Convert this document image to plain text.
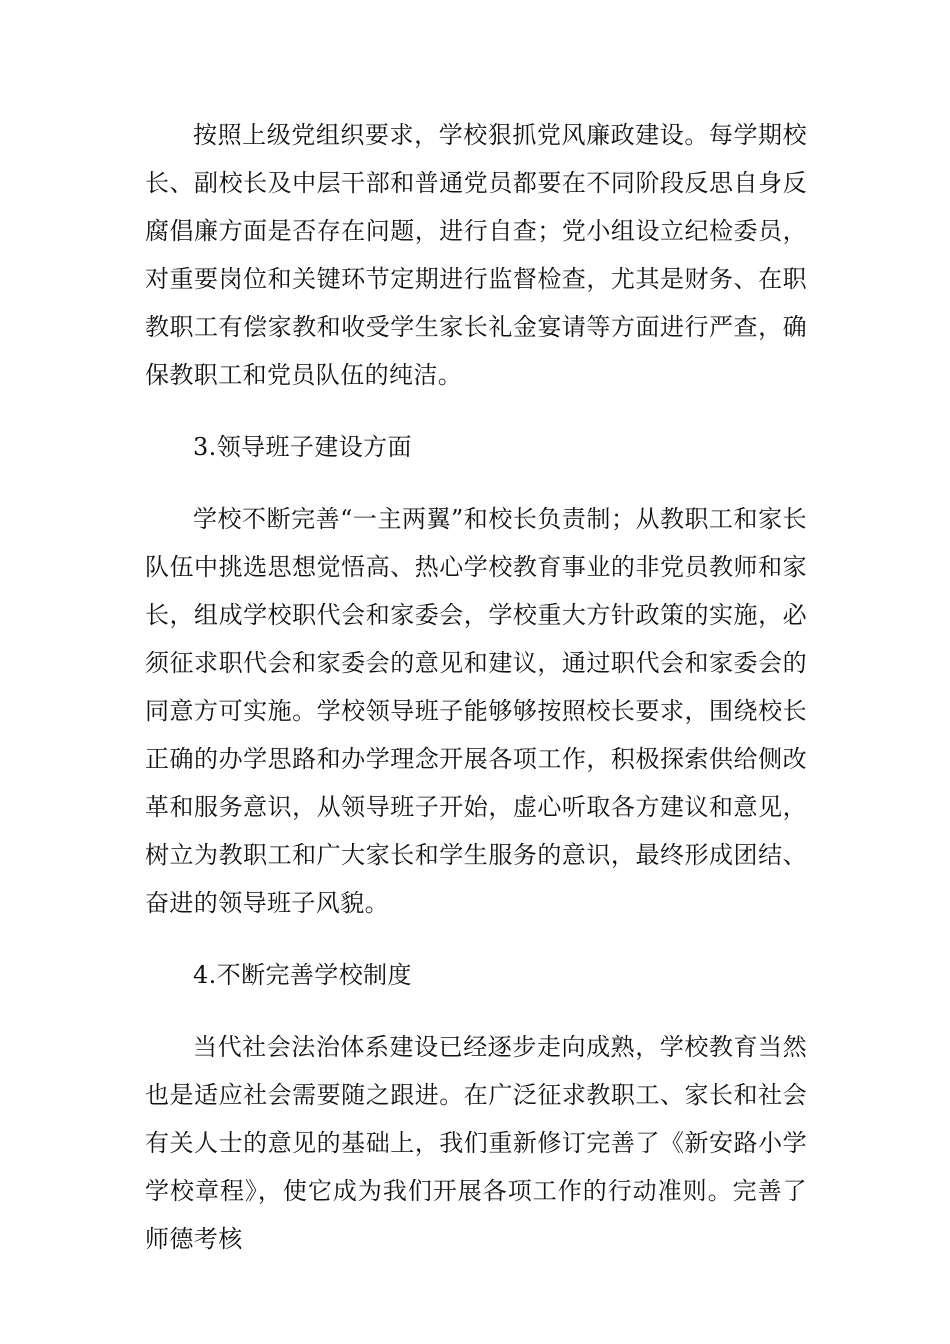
按照上级党组织要求，学校狠抓党风廉政建设。每学期校长、副校长及中层干部和普通党员都要在不同阶段反思自身反腐倡廉方面是否存在问题，进行自查；党小组设立纪检委员，对重要岗位和关键环节定期进行监督检查，尤其是财务、在职教职工有偿家教和收受学生家长礼金宴请等方面进行严查，确保教职工和党员队伍的纯洁。

3.领导班子建设方面

学校不断完善“一主两翼”和校长负责制；从教职工和家长队伍中挑选思想觉悟高、热心学校教育事业的非党员教师和家长，组成学校职代会和家委会，学校重大方针政策的实施，必须征求职代会和家委会的意见和建议，通过职代会和家委会的同意方可实施。学校领导班子能够够按照校长要求，围绕校长正确的办学思路和办学理念开展各项工作，积极探索供给侧改革和服务意识，从领导班子开始，虚心听取各方建议和意见，树立为教职工和广大家长和学生服务的意识，最终形成团结、奋进的领导班子风貌。

4.不断完善学校制度

当代社会法治体系建设已经逐步走向成熟，学校教育当然也是适应社会需要随之跟进。在广泛征求教职工、家长和社会有关人士的意见的基础上，我们重新修订完善了《新安路小学学校章程》，使它成为我们开展各项工作的行动准则。完善了师德考核
